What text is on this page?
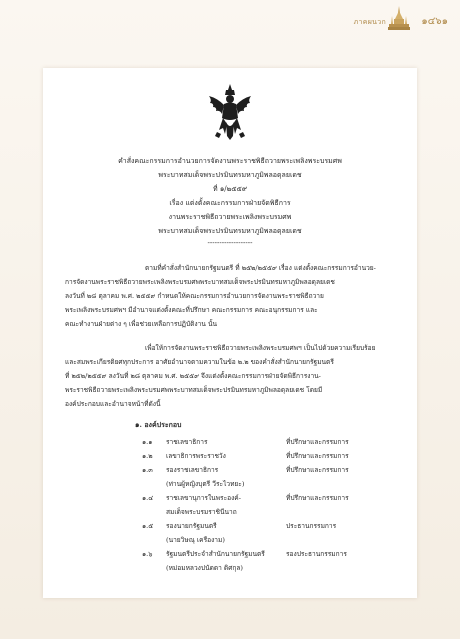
ภาคผนวก	๑๔๖๑
คำสั่งคณะกรรมการอำนวยการจัดงานพระราชพิธีถวายพระเพลิงพระบรมศพ
พระบาทสมเด็จพระปรมินทรมหาภูมิพลอดุลยเดช
ที่ ๑/๒๕๕๙
เรื่อง แต่งตั้งคณะกรรมการฝ่ายจัดพิธีการ
งานพระราชพิธีถวายพระเพลิงพระบรมศพ
พระบาทสมเด็จพระปรมินทรมหาภูมิพลอดุลยเดช
-------------------
ตามที่คำสั่งสำนักนายกรัฐมนตรี ที่ ๒๕๒/๒๕๕๙ เรื่อง แต่งตั้งคณะกรรมการอำนวย-
การจัดงานพระราชพิธีถวายพระเพลิงพระบรมศพพระบาทสมเด็จพระปรมินทรมหาภูมิพลอดุลยเดช
ลงวันที่ ๒๘ ตุลาคม พ.ศ. ๒๕๕๙ กำหนดให้คณะกรรมการอำนวยการจัดงานพระราชพิธีถวาย
พระเพลิงพระบรมศพฯ มีอำนาจแต่งตั้งคณะที่ปรึกษา คณะกรรมการ คณะอนุกรรมการ และ
คณะทำงานฝ่ายต่าง ๆ เพื่อช่วยเหลือการปฏิบัติงาน นั้น
เพื่อให้การจัดงานพระราชพิธีถวายพระเพลิงพระบรมศพฯ เป็นไปด้วยความเรียบร้อย
และสมพระเกียรติยศทุกประการ อาศัยอำนาจตามความในข้อ ๒.๒ ของคำสั่งสำนักนายกรัฐมนตรี
ที่ ๒๕๒/๒๕๕๙ ลงวันที่ ๒๘ ตุลาคม พ.ศ. ๒๕๕๙ จึงแต่งตั้งคณะกรรมการฝ่ายจัดพิธีการงาน-
พระราชพิธีถวายพระเพลิงพระบรมศพพระบาทสมเด็จพระปรมินทรมหาภูมิพลอดุลยเดช โดยมี
องค์ประกอบและอำนาจหน้าที่ดังนี้
๑. องค์ประกอบ
๑.๑ ราชเลขาธิการ	ที่ปรึกษาและกรรมการ
๑.๒ เลขาธิการพระราชวัง	ที่ปรึกษาและกรรมการ
๑.๓ รองราชเลขาธิการ	ที่ปรึกษาและกรรมการ
(ท่านผู้หญิงบุตรี วีระไวทยะ)
๑.๔ ราชเลขานุการในพระองค์-	ที่ปรึกษาและกรรมการ
สมเด็จพระบรมราชินีนาถ
๑.๕ รองนายกรัฐมนตรี	ประธานกรรมการ
(นายวิษณุ เครืองาม)
๑.๖ รัฐมนตรีประจำสำนักนายกรัฐมนตรี	รองประธานกรรมการ
(หม่อมหลวงปนัดดา ดิศกุล)
